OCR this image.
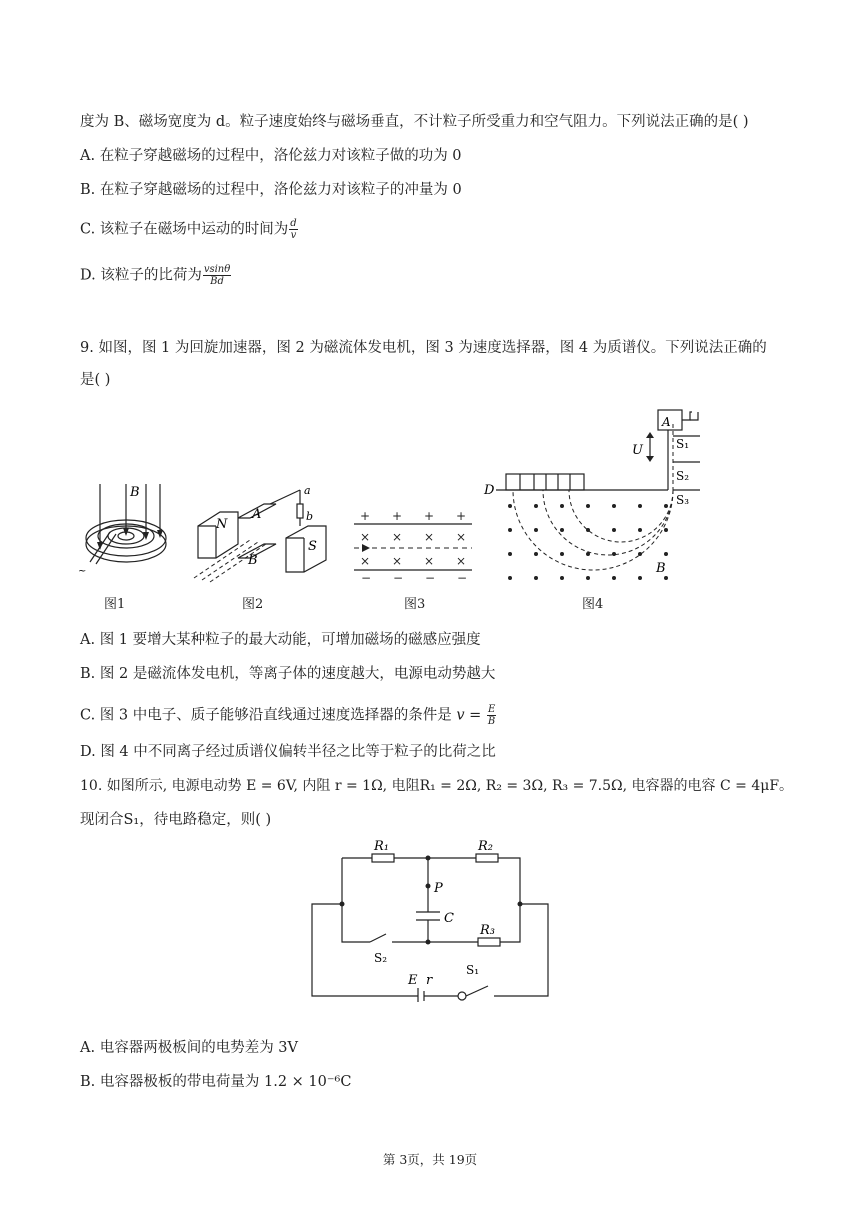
度为 B、磁场宽度为 d。粒子速度始终与磁场垂直，不计粒子所受重力和空气阻力。下列说法正确的是( )
A. 在粒子穿越磁场的过程中，洛伦兹力对该粒子做的功为 0
B. 在粒子穿越磁场的过程中，洛伦兹力对该粒子的冲量为 0
C. 该粒子在磁场中运动的时间为 $\frac{d}{v}$
D. 该粒子的比荷为 $\frac{vsin\theta}{Bd}$
9. 如图，图 1 为回旋加速器，图 2 为磁流体发电机，图 3 为速度选择器，图 4 为质谱仪。下列说法正确的
是( )
B
~
图1
N
A
B
S
a
b
图2
+ + + +
× × × ×
× × × ×
− − − −
图3
A
U	S₁
S₂
S₃
D
B
图4
A. 图 1 要增大某种粒子的最大动能，可增加磁场的磁感应强度
B. 图 2 是磁流体发电机，等离子体的速度越大，电源电动势越大
C. 图 3 中电子、质子能够沿直线通过速度选择器的条件是 $v = \frac{E}{B}$
D. 图 4 中不同离子经过质谱仪偏转半径之比等于粒子的比荷之比
10. 如图所示, 电源电动势 E = 6V, 内阻 r = 1Ω, 电阻R₁ = 2Ω, R₂ = 3Ω, R₃ = 7.5Ω, 电容器的电容 C = 4μF。
现闭合S₁，待电路稳定，则( )
R₁	R₂
R₃
P
C
S₂
S₁
E r
A. 电容器两极板间的电势差为 3V
B. 电容器极板的带电荷量为 1.2 × 10⁻⁶C
第 3页，共 19页
